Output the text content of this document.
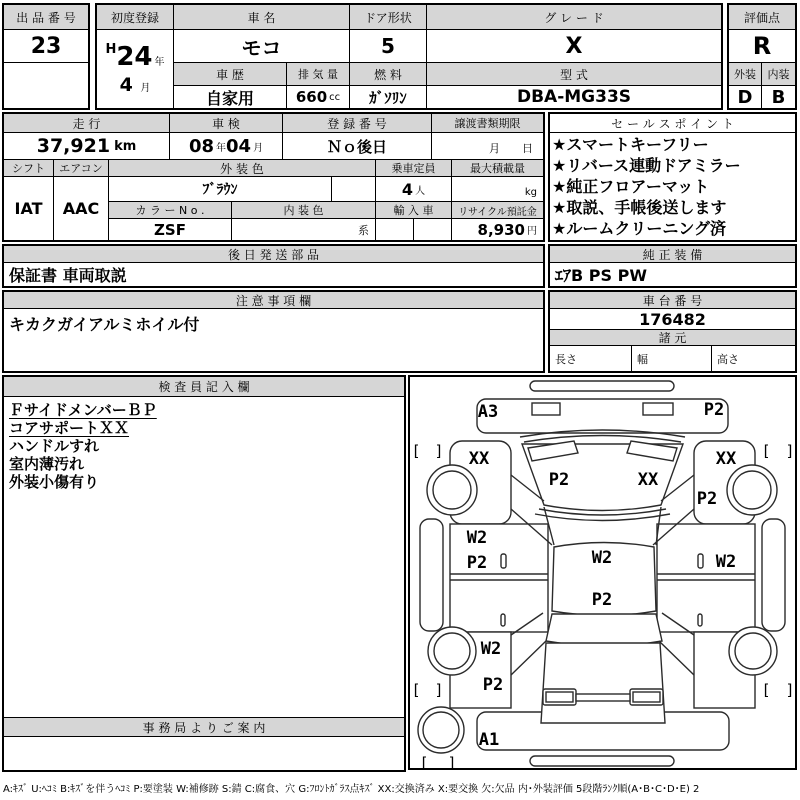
出 品 番 号
23
初度登録
$^H$24 年
4 月
車 名
モコ
ドア形状
5
グ レ ー ド
X
車 歴
自家用
排 気 量
660 cc
燃 料
ｶﾞｿﾘﾝ
型 式
DBA-MG33S
評価点
R
外装	内装
D	B
走 行
37,921 km
車 検
08 年 04 月
登 録 番 号
Ｎｏ後日
譲渡書類期限
月 日
シフト	エアコン
IAT	AAC
外 装 色
ﾌﾞﾗｳﾝ
乗車定員
4 人
最大積載量
kg
カ ラ ー N o .
ZSF
内 装 色
系
輸 入 車	リサイクル預託金
8,930 円
セ ー ル ス ポ イ ン ト
★スマートキーフリー
★リバース連動ドアミラー
★純正フロアーマット
★取説、手帳後送します
★ルームクリーニング済
後 日 発 送 部 品
保証書 車両取説
純 正 装 備
ｴｱB PS PW
注 意 事 項 欄
キカクガイアルミホイル付
車 台 番 号
176482
諸 元
長さ	幅	高さ
検 査 員 記 入 欄
ＦサイドメンバーＢＰ
コアサポートＸＸ
ハンドルすれ
室内薄汚れ
外装小傷有り
事 務 局 よ り ご 案 内
A3	P2
XX	XX
P2	XX
P2
W2
P2	W2	W2
P2
W2
P2
A1
[ ]	[ ]
[ ]	[ ]
[ ]
A:ｷｽﾞ U:ﾍｺﾐ B:ｷｽﾞを伴うﾍｺﾐ P:要塗装 W:補修跡 S:錆 C:腐食、穴 G:ﾌﾛﾝﾄｶﾞﾗｽ点ｷｽﾞ XX:交換済み X:要交換 欠:欠品 内･外装評価 5段階ﾗﾝｸ順(A･B･C･D･E) 2
